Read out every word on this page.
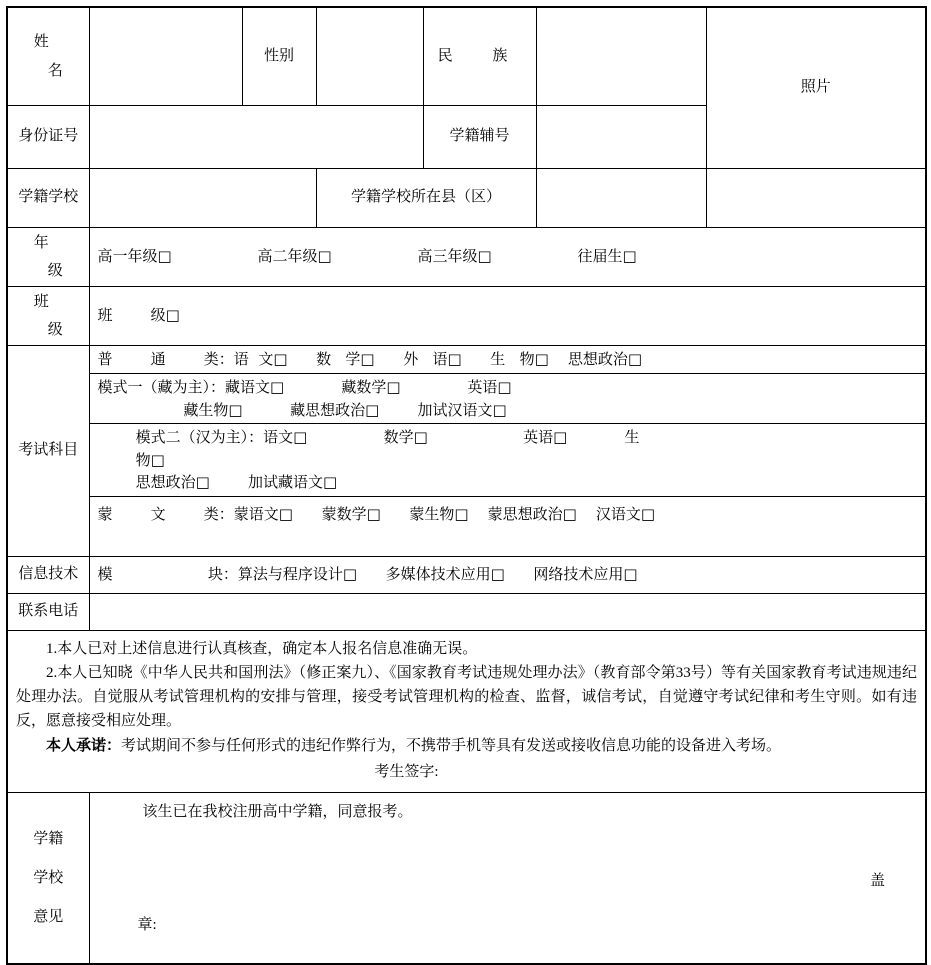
姓
名		性别		民 族		照片
身份证号				学籍辅号		
学籍学校			学籍学校所在县（区）			

年
级	高一年级□                  高二年级□                  高三年级□                  往届生□					

班
级	班        级□					

考试科目	普        通        类：语  文□      数   学□      外   语□      生   物□    思想政治□					

	模式一（藏为主）：藏语文□            藏数学□              英语□
藏生物□          藏思想政治□        加试汉语文□					

	模式二（汉为主）：语文□                数学□                    英语□            生
物□
思想政治□        加试藏语文□					

	蒙        文        类：蒙语文□      蒙数学□      蒙生物□    蒙思想政治□    汉语文□					

信息技术	模                    块：算法与程序设计□      多媒体技术应用□      网络技术应用□					

联系电话						

1.本人已对上述信息进行认真核查，确定本人报名信息准确无误。

2.本人已知晓《中华人民共和国刑法》（修正案九）、《国家教育考试违规处理办法》（教育部令第33号）等有关国家教育考试违规违纪处理办法。自觉服从考试管理机构的安排与管理，接受考试管理机构的检查、监督，诚信考试，自觉遵守考试纪律和考生守则。如有违反，愿意接受相应处理。

本人承诺：考试期间不参与任何形式的违纪作弊行为，不携带手机等具有发送或接收信息功能的设备进入考场。

考生签字:						

学籍
学校
意见	该生已在我校注册高中学籍，同意报考。
盖
章:					
